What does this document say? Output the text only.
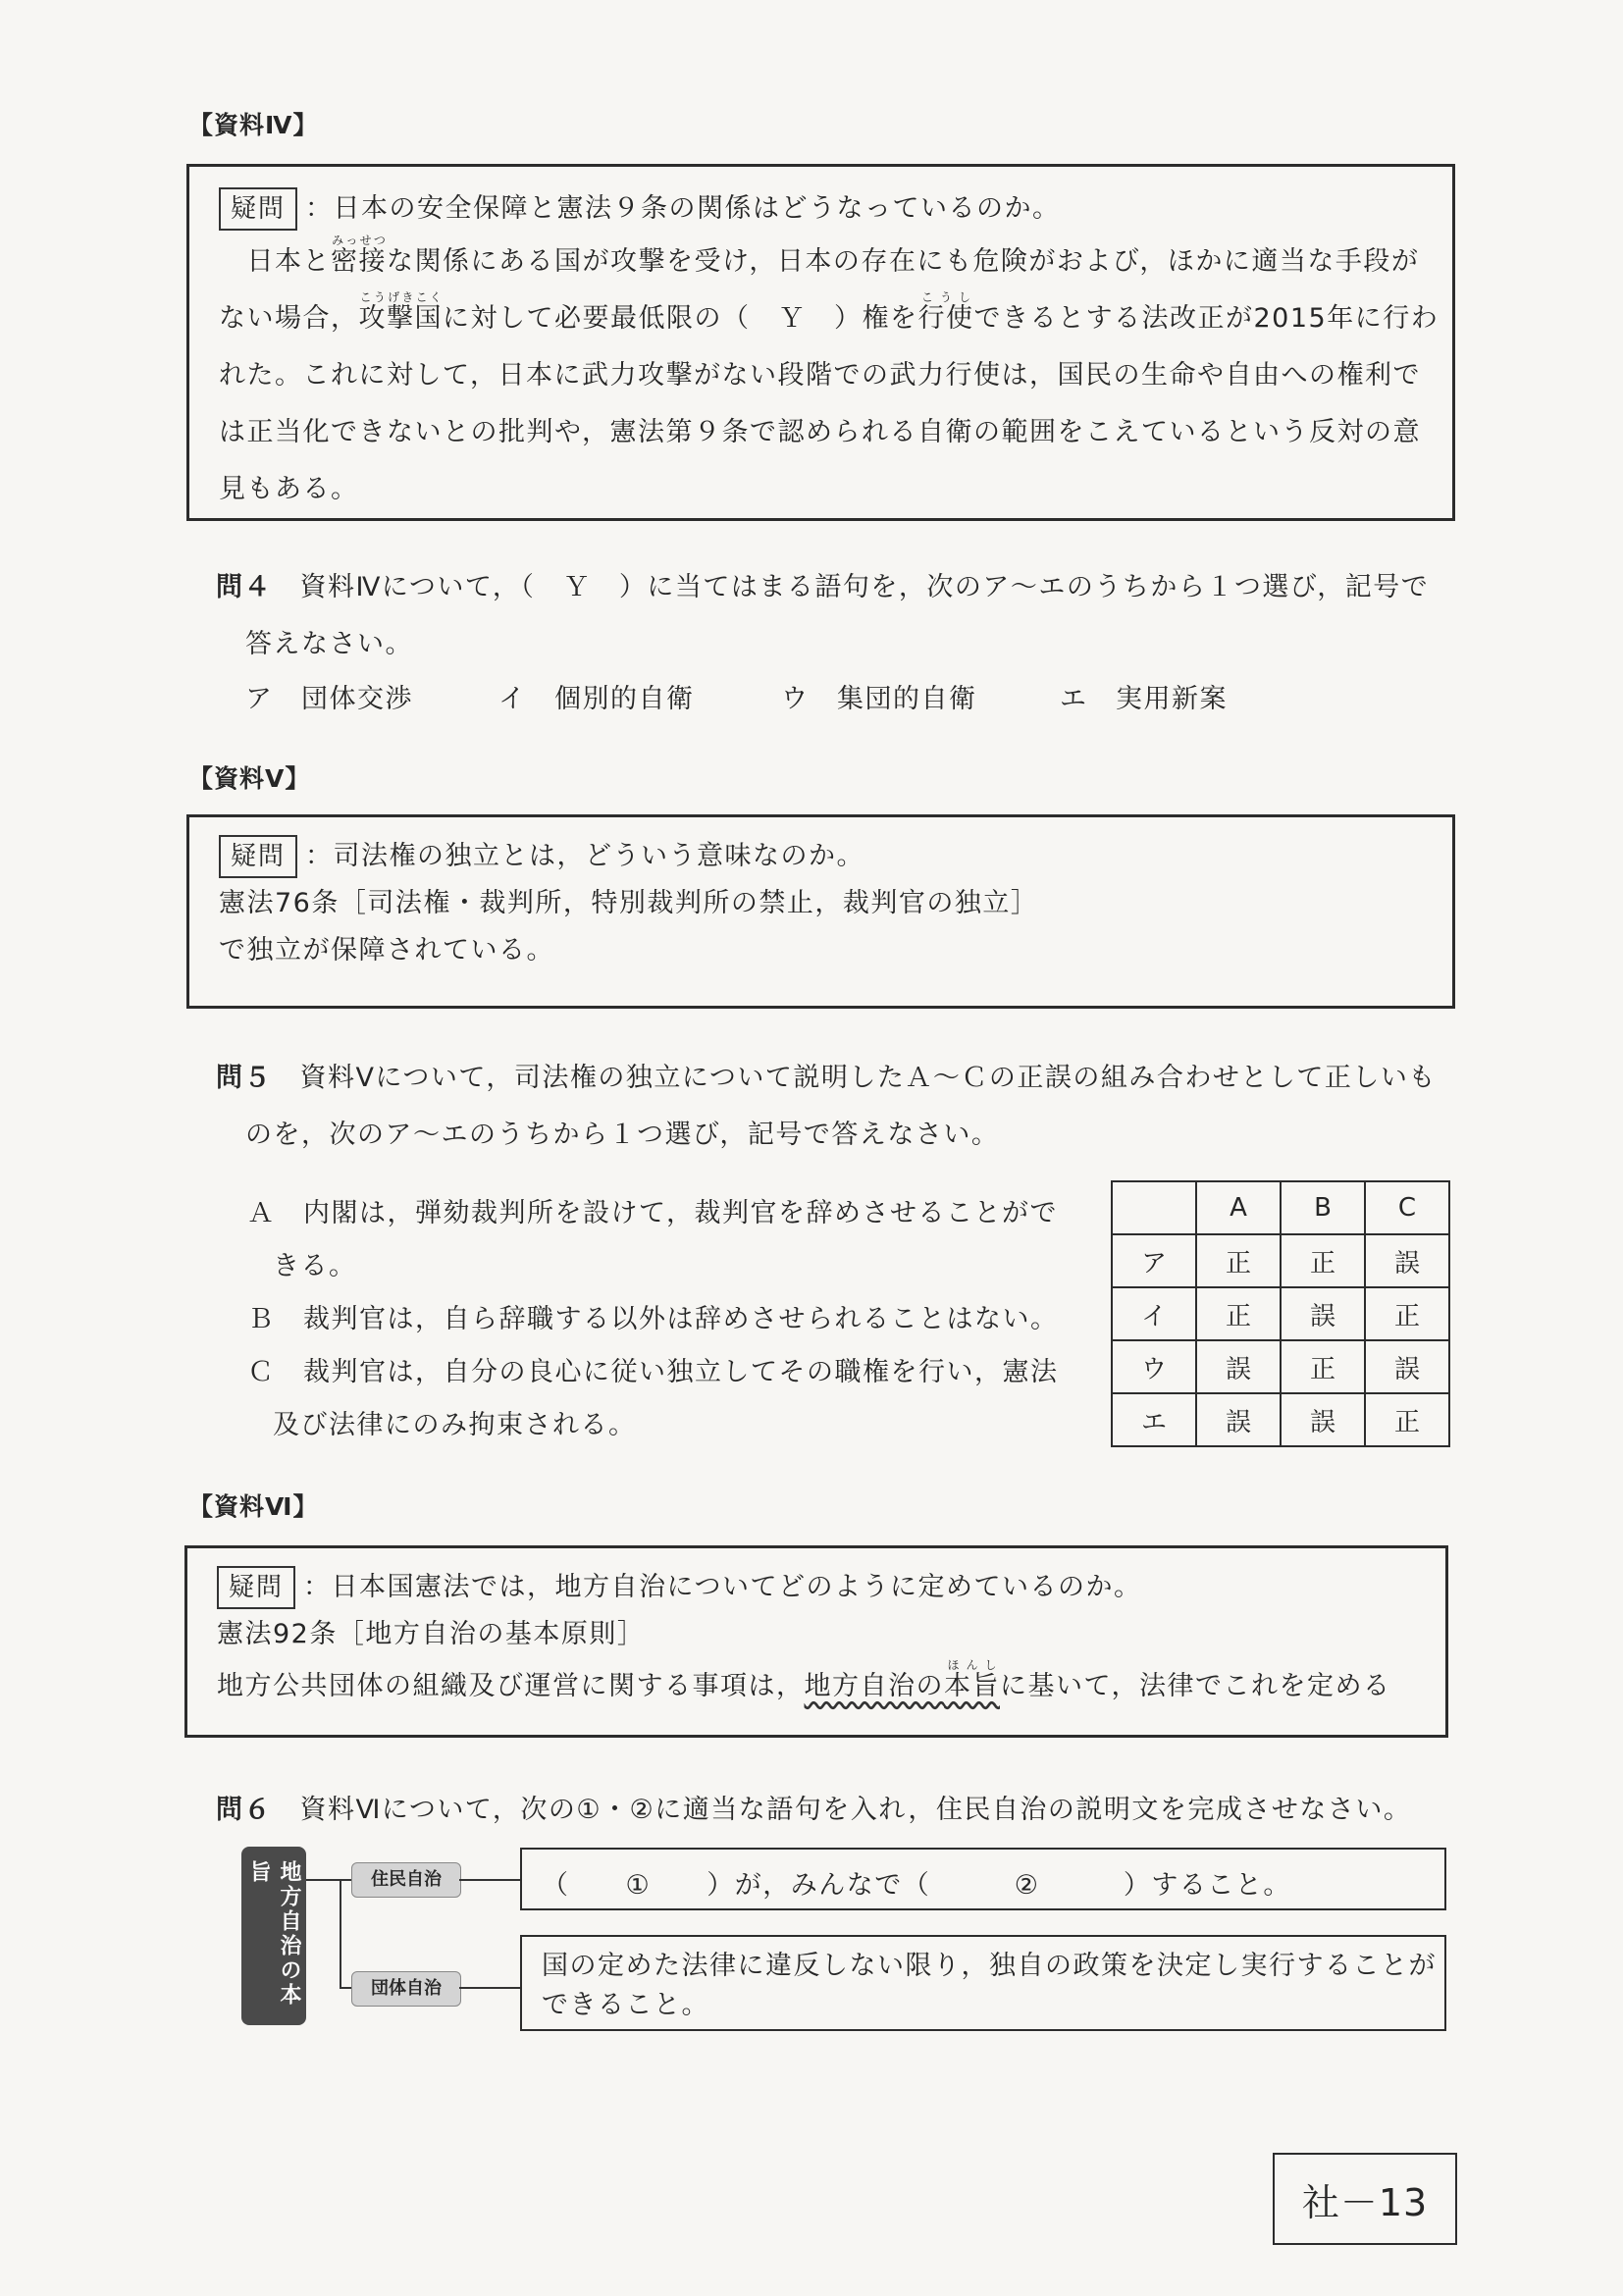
【資料Ⅳ】
疑問 ：日本の安全保障と憲法９条の関係はどうなっているのか。
　日本と密接みっせつな関係にある国が攻撃を受け，日本の存在にも危険がおよび，ほかに適当な手段が
ない場合，攻撃国こうげきこくに対して必要最低限の（　Ｙ　）権を行使こうしできるとする法改正が2015年に行わ
れた。これに対して，日本に武力攻撃がない段階での武力行使は，国民の生命や自由への権利で
は正当化できないとの批判や，憲法第９条で認められる自衛の範囲をこえているという反対の意
見もある。
問４　 資料Ⅳについて，（　Ｙ　）に当てはまる語句を，次のア～エのうちから１つ選び，記号で
答えなさい。
ア　団体交渉	イ　個別的自衛	ウ　集団的自衛	エ　実用新案
【資料Ⅴ】
疑問 ：司法権の独立とは，どういう意味なのか。
憲法76条［司法権・裁判所，特別裁判所の禁止，裁判官の独立］
で独立が保障されている。
問５　 資料Ⅴについて，司法権の独立について説明したＡ～Ｃの正誤の組み合わせとして正しいも
のを，次のア～エのうちから１つ選び，記号で答えなさい。
Ａ　内閣は，弾劾裁判所を設けて，裁判官を辞めさせることがで
きる。
Ｂ　裁判官は，自ら辞職する以外は辞めさせられることはない。
Ｃ　裁判官は，自分の良心に従い独立してその職権を行い，憲法
及び法律にのみ拘束される。
	A	B	C
ア	正	正	誤
イ	正	誤	正
ウ	誤	正	誤
エ	誤	誤	正
【資料Ⅵ】
疑問 ：日本国憲法では，地方自治についてどのように定めているのか。
憲法92条［地方自治の基本原則］
地方公共団体の組織及び運営に関する事項は，地方自治の本旨ほんしに基いて，法律でこれを定める
問６　 資料Ⅵについて，次の①・②に適当な語句を入れ，住民自治の説明文を完成させなさい。
地方自治の本旨	住民自治
団体自治
（　　①　　）が，みんなで（　　　②　　　）すること。
国の定めた法律に違反しない限り，独自の政策を決定し実行することが
できること。
社－13
